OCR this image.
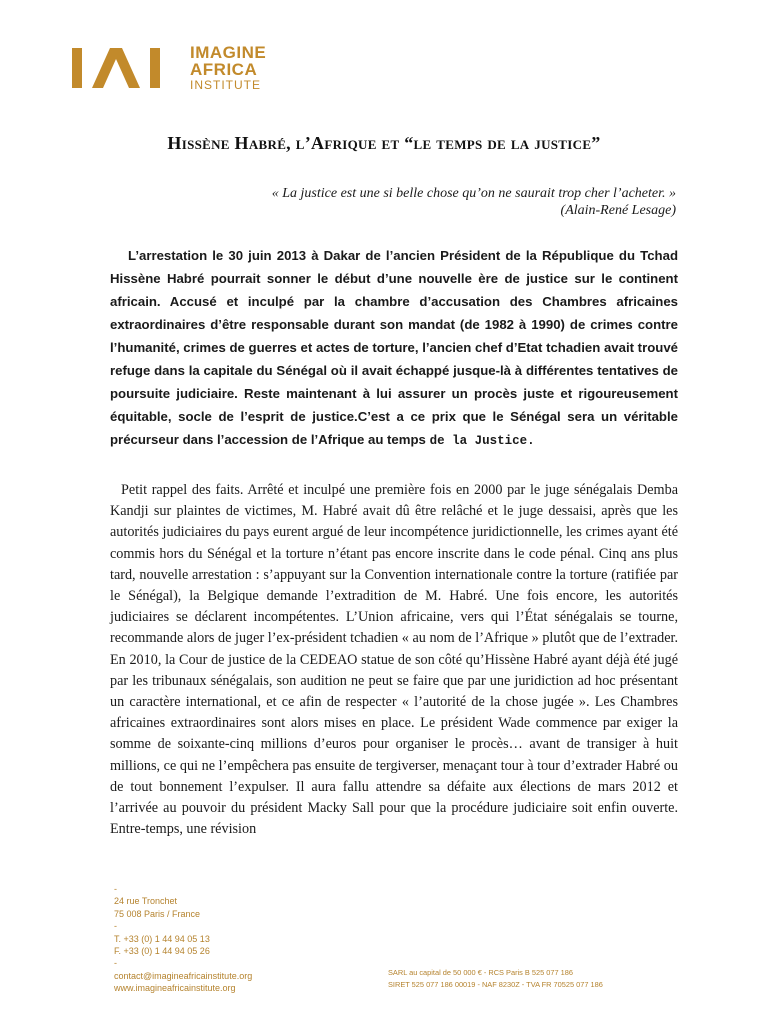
IMAGINE
AFRICA
INSTITUTE
Hissène Habré, l’Afrique et “le temps de la justice”
« La justice est une si belle chose qu’on ne saurait trop cher l’acheter. »
(Alain-René Lesage)
L’arrestation le 30 juin 2013 à Dakar de l’ancien Président de la République du Tchad Hissène Habré pourrait sonner le début d’une nouvelle ère de justice sur le continent africain. Accusé et inculpé par la chambre d’accusation des Chambres africaines extraordinaires d’être responsable durant son mandat (de 1982 à 1990) de crimes contre l’humanité, crimes de guerres et actes de torture, l’ancien chef d’Etat tchadien avait trouvé refuge dans la capitale du Sénégal où il avait échappé jusque-là à différentes tentatives de poursuite judiciaire. Reste maintenant à lui assurer un procès juste et rigoureusement équitable, socle de l’esprit de justice.C’est a ce prix que le Sénégal sera un véritable précurseur dans l’accession de l’Afrique au temps de la Justice.
Petit rappel des faits. Arrêté et inculpé une première fois en 2000 par le juge sénégalais Demba Kandji sur plaintes de victimes, M. Habré avait dû être relâché et le juge dessaisi, après que les autorités judiciaires du pays eurent argué de leur incompétence juridictionnelle, les crimes ayant été commis hors du Sénégal et la torture n’étant pas encore inscrite dans le code pénal. Cinq ans plus tard, nouvelle arrestation : s’appuyant sur la Convention internationale contre la torture (ratifiée par le Sénégal), la Belgique demande l’extradition de M. Habré. Une fois encore, les autorités judiciaires se déclarent incompétentes. L’Union africaine, vers qui l’État sénégalais se tourne, recommande alors de juger l’ex-président tchadien « au nom de l’Afrique » plutôt que de l’extrader. En 2010, la Cour de justice de la CEDEAO statue de son côté qu’Hissène Habré ayant déjà été jugé par les tribunaux sénégalais, son audition ne peut se faire que par une juridiction ad hoc présentant un caractère international, et ce afin de respecter « l’autorité de la chose jugée ». Les Chambres africaines extraordinaires sont alors mises en place. Le président Wade commence par exiger la somme de soixante-cinq millions d’euros pour organiser le procès… avant de transiger à huit millions, ce qui ne l’empêchera pas ensuite de tergiverser, menaçant tour à tour d’extrader Habré ou de tout bonnement l’expulser. Il aura fallu attendre sa défaite aux élections de mars 2012 et l’arrivée au pouvoir du président Macky Sall pour que la procédure judiciaire soit enfin ouverte. Entre-temps, une révision
-
24 rue Tronchet
75 008 Paris / France
-
T. +33 (0) 1 44 94 05 13
F. +33 (0) 1 44 94 05 26
-
contact@imagineafricainstitute.org
www.imagineafricainstitute.org
SARL au capital de 50 000 € - RCS Paris B 525 077 186
SIRET 525 077 186 00019 - NAF 8230Z - TVA FR 70525 077 186
